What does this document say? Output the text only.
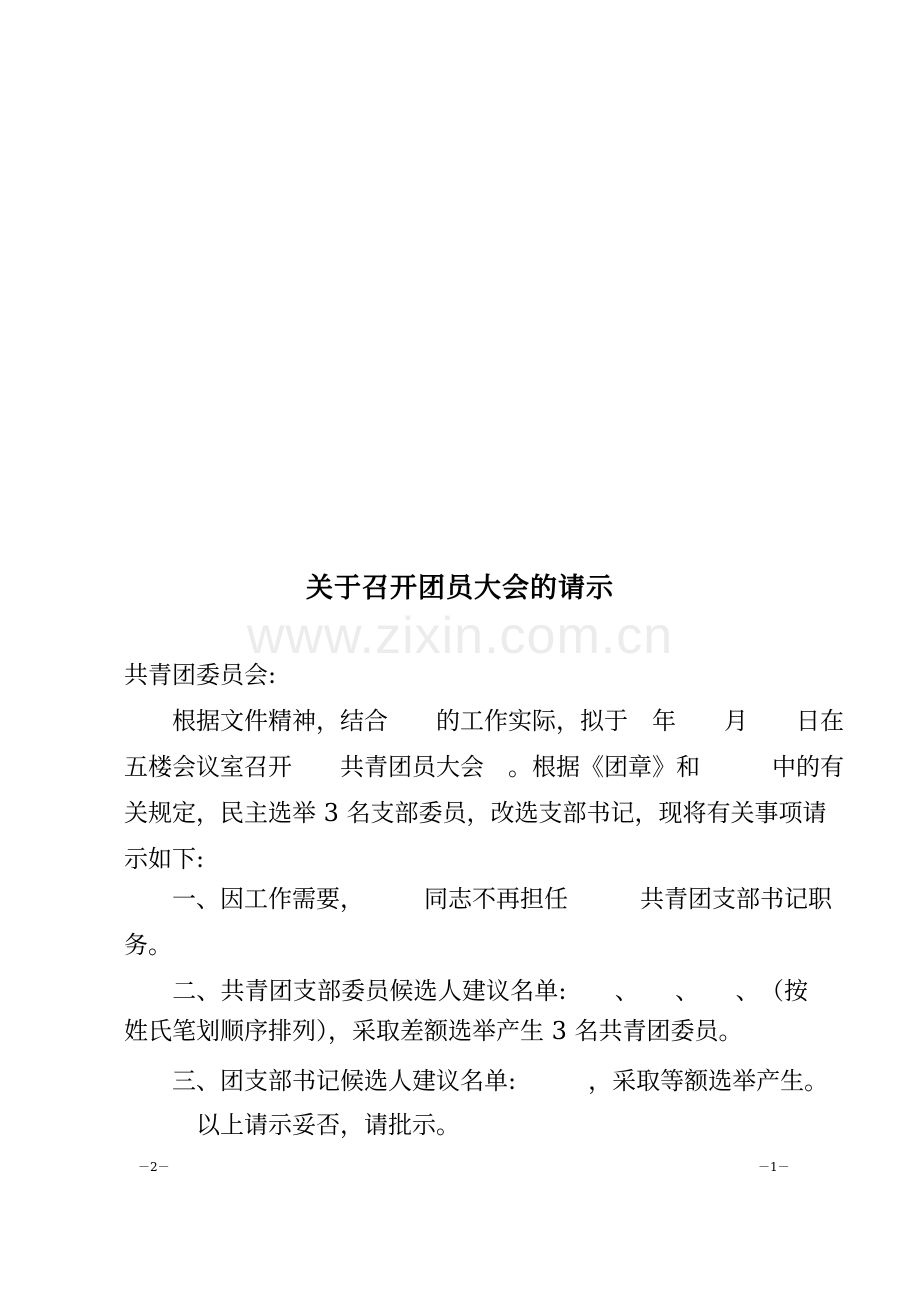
www.zixin.com.cn
关于召开团员大会的请示

共青团委员会:

　　根据文件精神，结合　　的工作实际，拟于　年　　月　　日在

五楼会议室召开　　共青团员大会　。根据《团章》和　　　中的有

关规定，民主选举 3 名支部委员，改选支部书记，现将有关事项请

示如下:

　　一、因工作需要，　　　同志不再担任　　　共青团支部书记职

务。

　　二、共青团支部委员候选人建议名单:　　、　　、　　、　（按

姓氏笔划顺序排列），采取差额选举产生 3 名共青团委员。

　　三、团支部书记候选人建议名单:　　　，采取等额选举产生。

　　　以上请示妥否，请批示。

－2－	－1－
